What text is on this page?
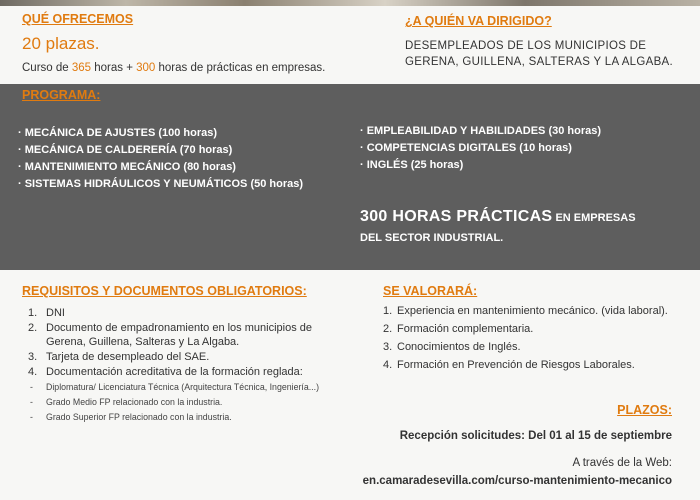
QUÉ OFRECEMOS
20 plazas.
Curso de 365 horas + 300 horas de prácticas en empresas.
¿A QUIÉN VA DIRIGIDO?
DESEMPLEADOS DE LOS MUNICIPIOS DE GERENA, GUILLENA, SALTERAS Y LA ALGABA.
PROGRAMA:
· MECÁNICA DE AJUSTES (100 horas)
· MECÁNICA DE CALDERERÍA (70 horas)
· MANTENIMIENTO MECÁNICO (80 horas)
· SISTEMAS HIDRÁULICOS Y NEUMÁTICOS (50 horas)
· EMPLEABILIDAD Y HABILIDADES (30 horas)
· COMPETENCIAS DIGITALES (10 horas)
· INGLÉS (25 horas)
300 HORAS PRÁCTICAS EN EMPRESAS
DEL SECTOR INDUSTRIAL.
REQUISITOS Y DOCUMENTOS OBLIGATORIOS:
1. DNI
2. Documento de empadronamiento en los municipios de Gerena, Guillena, Salteras y La Algaba.
3. Tarjeta de desempleado del SAE.
4. Documentación acreditativa de la formación reglada:
-	Diplomatura/ Licenciatura Técnica (Arquitectura Técnica, Ingeniería...)
-	Grado Medio FP relacionado con la industria.
-	Grado Superior FP relacionado con la industria.
SE VALORARÁ:
1. Experiencia en mantenimiento mecánico. (vida laboral).
2. Formación complementaria.
3. Conocimientos de Inglés.
4. Formación en Prevención de Riesgos Laborales.
PLAZOS:
Recepción solicitudes: Del 01 al 15 de septiembre
A través de la Web:
en.camaradesevilla.com/curso-mantenimiento-mecanico
